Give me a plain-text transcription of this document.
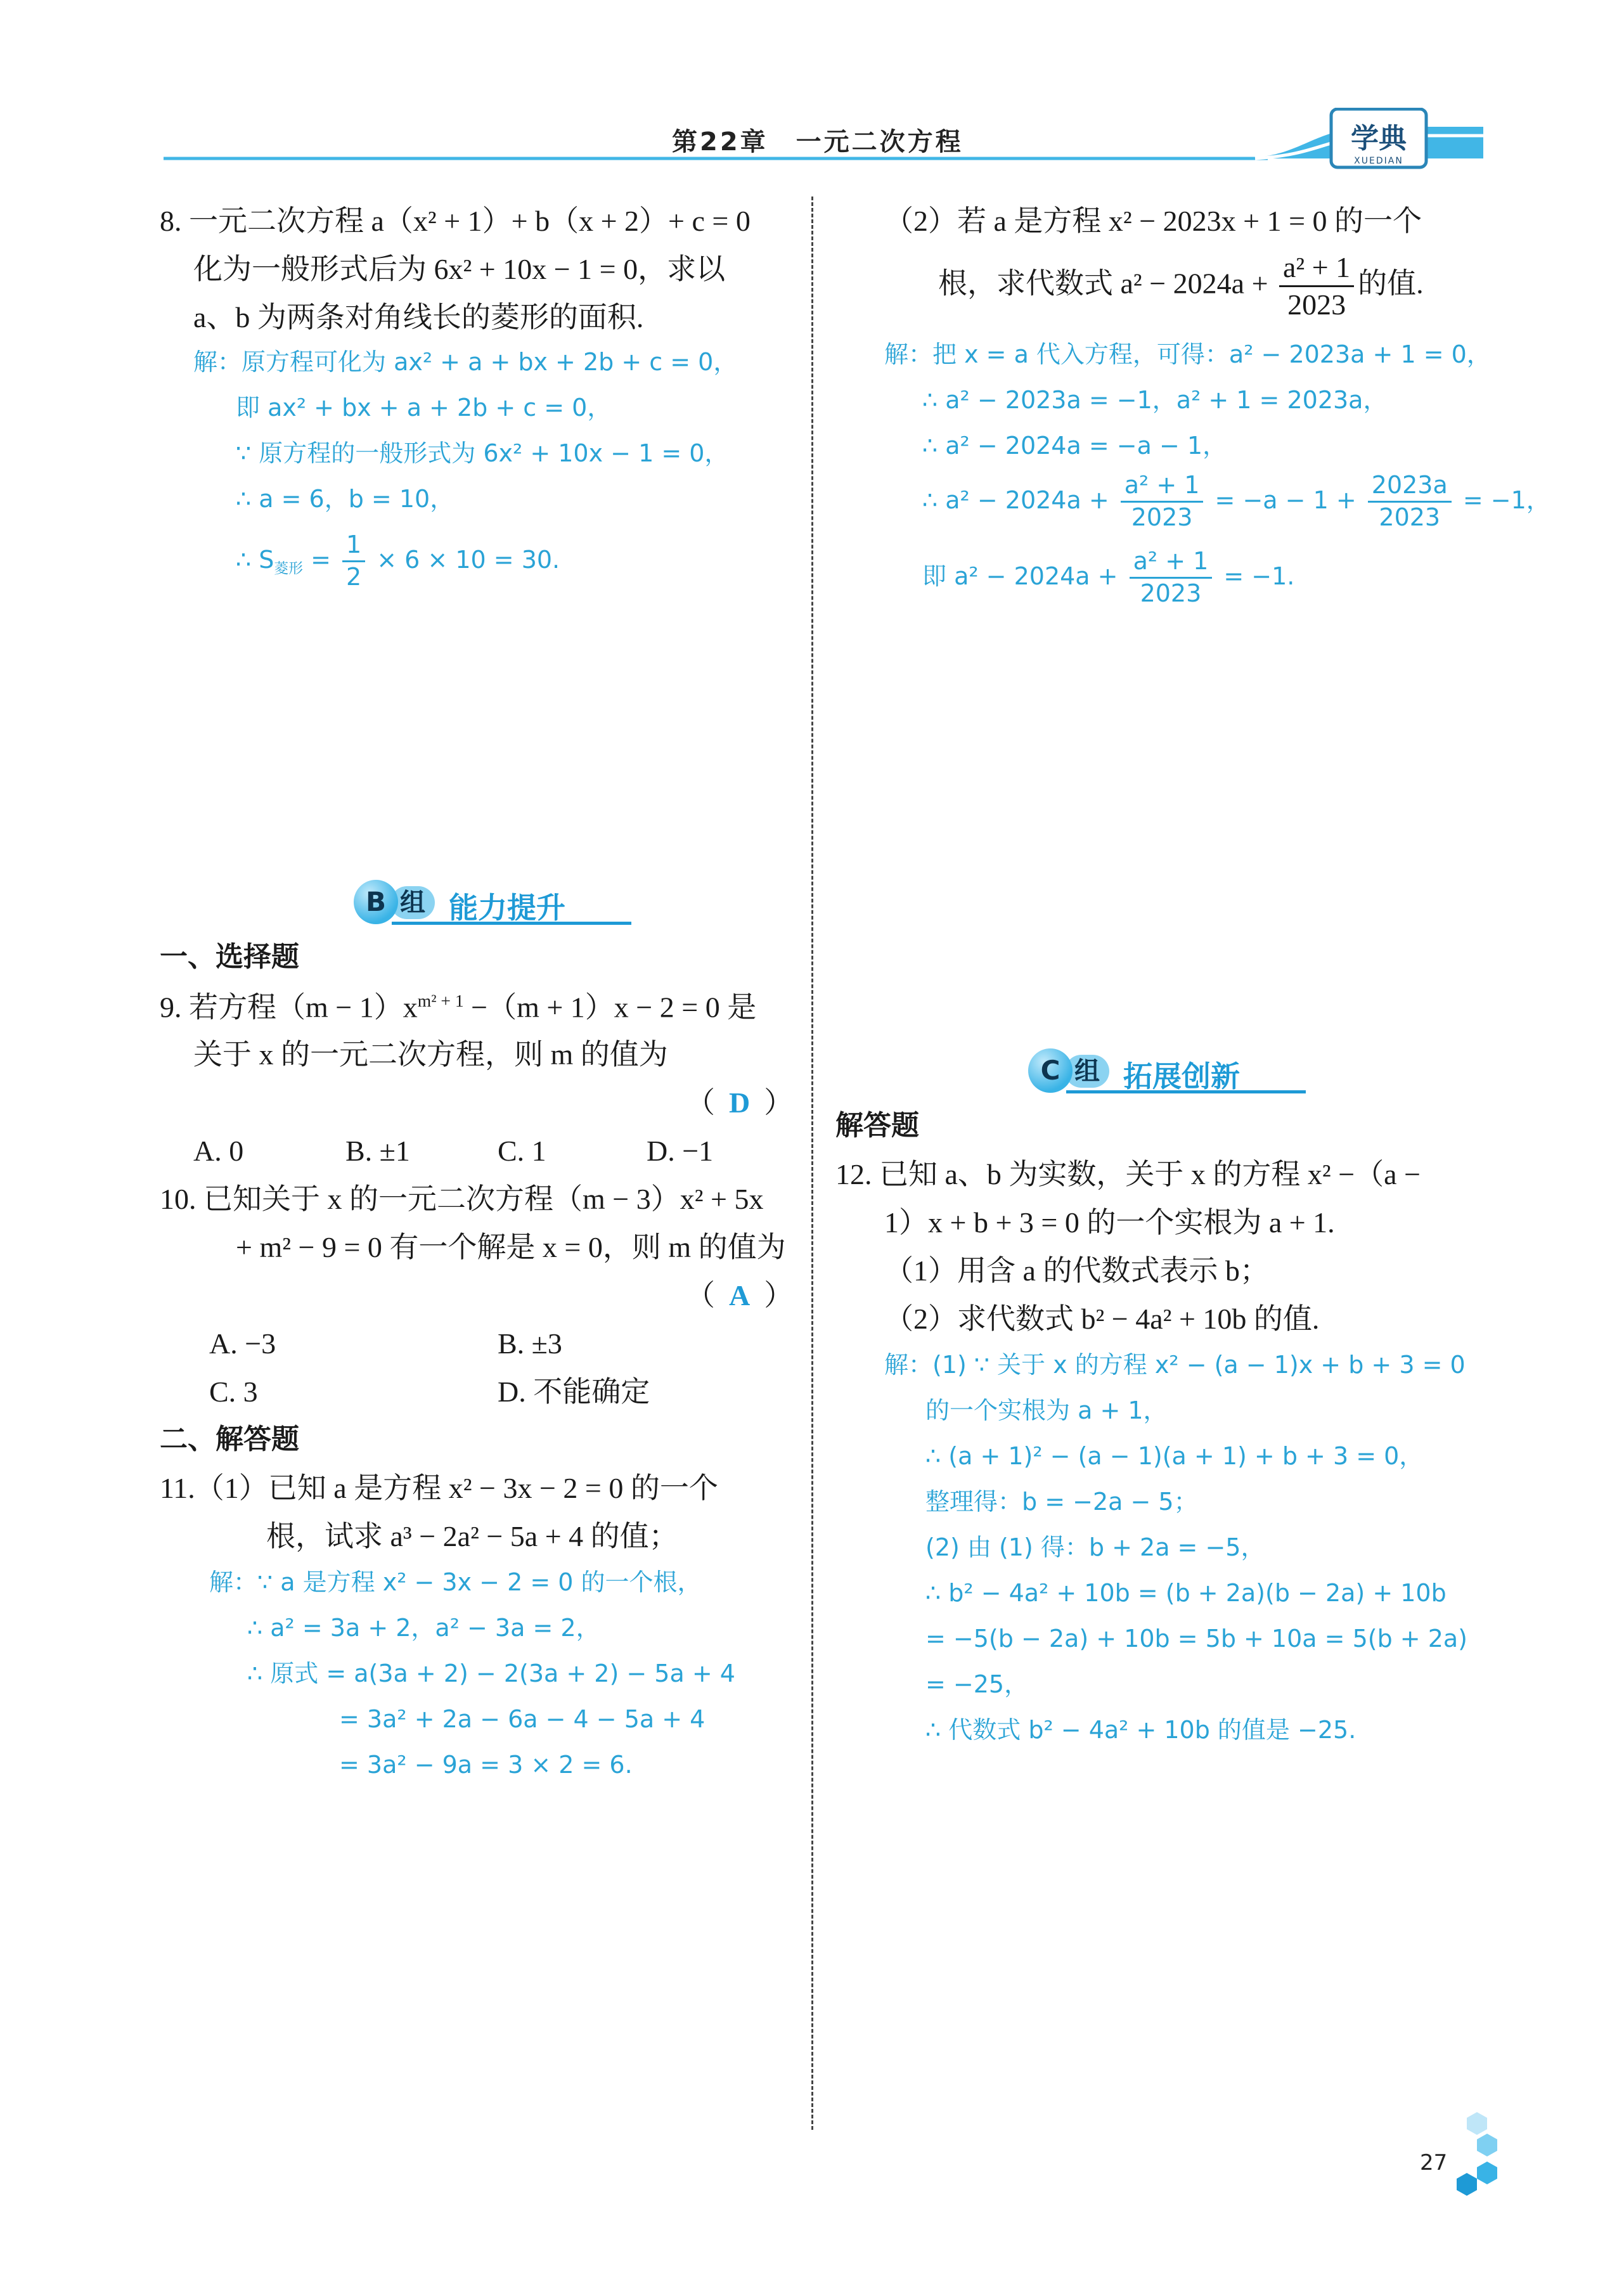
第22章　一元二次方程	学典
XUEDIAN
8. 一元二次方程 a（x² + 1）+ b（x + 2）+ c = 0
化为一般形式后为 6x² + 10x − 1 = 0，求以
a、b 为两条对角线长的菱形的面积.
解：原方程可化为 ax² + a + bx + 2b + c = 0，
即 ax² + bx + a + 2b + c = 0，
∵ 原方程的一般形式为 6x² + 10x − 1 = 0，
∴ a = 6，b = 10，
∴ $S_{菱形} = \frac{1}{2} \times 6 \times 10 = 30$.
组
B	能力提升
一、选择题
9. 若方程$(m - 1)x^{m^2 + 1} -(m + 1)x - 2 = 0$ 是
关于 x 的一元二次方程，则 m 的值为
（ D ）
A. 0	B. ±1	C. 1	D. −1
10. 已知关于 x 的一元二次方程（m − 3）x² + 5x
+ m² − 9 = 0 有一个解是 x = 0，则 m 的值为
（ A ）
A. −3	B. ±3
C. 3	D. 不能确定
二、解答题
11.（1）已知 a 是方程 x² − 3x − 2 = 0 的一个
根，试求 a³ − 2a² − 5a + 4 的值；
解：∵ a 是方程 x² − 3x − 2 = 0 的一个根，
∴ a² = 3a + 2，a² − 3a = 2，
∴ 原式 = a(3a + 2) − 2(3a + 2) − 5a + 4
= 3a² + 2a − 6a − 4 − 5a + 4
= 3a² − 9a = 3 × 2 = 6.
（2）若 a 是方程 x² − 2023x + 1 = 0 的一个
根，求代数式 $a^2 - 2024a + \frac{\text{a² + 1}}{2023}$ 的值.
解：把 x = a 代入方程，可得：a² − 2023a + 1 = 0，
∴ a² − 2023a = −1，a² + 1 = 2023a，
∴ a² − 2024a = −a − 1，
∴ $a^2 - 2024a + \frac{\text{a² + 1}}{2023} = -a - 1 + \frac{2023a}{2023} = -1$，
即 $a^2 - 2024a + \frac{\text{a² + 1}}{2023} = -1$.
组
C	拓展创新
解答题
12. 已知 a、b 为实数，关于 x 的方程 x² −（a −
1）x + b + 3 = 0 的一个实根为 a + 1.
（1）用含 a 的代数式表示 b；
（2）求代数式 b² − 4a² + 10b 的值.
解：(1) ∵ 关于 x 的方程 x² − (a − 1)x + b + 3 = 0
的一个实根为 a + 1，
∴ (a + 1)² − (a − 1)(a + 1) + b + 3 = 0，
整理得：b = −2a − 5；
(2) 由 (1) 得：b + 2a = −5，
∴ b² − 4a² + 10b = (b + 2a)(b − 2a) + 10b
= −5(b − 2a) + 10b = 5b + 10a = 5(b + 2a)
= −25，
∴ 代数式 b² − 4a² + 10b 的值是 −25.
27
